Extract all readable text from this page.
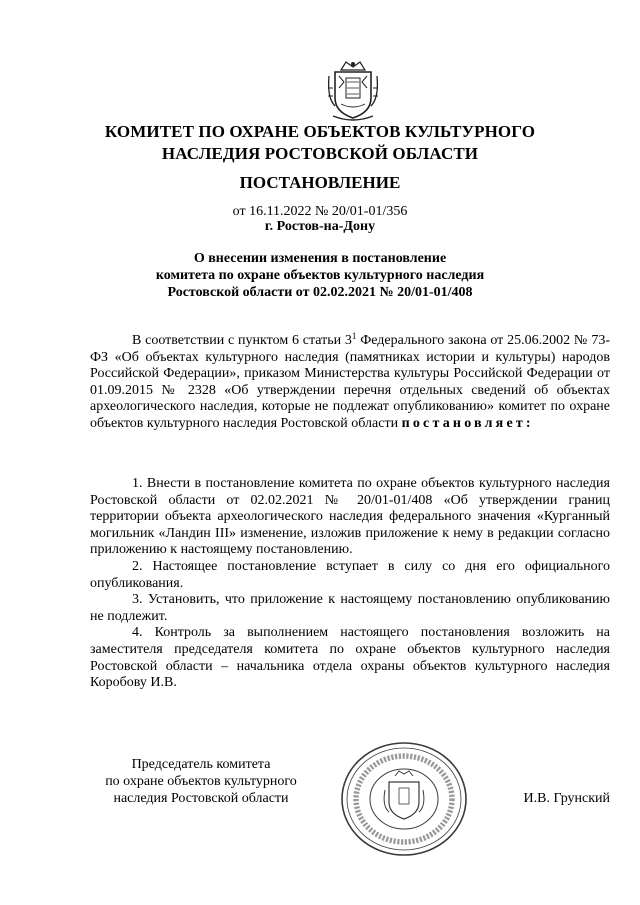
КОМИТЕТ ПО ОХРАНЕ ОБЪЕКТОВ КУЛЬТУРНОГО
НАСЛЕДИЯ РОСТОВСКОЙ ОБЛАСТИ
ПОСТАНОВЛЕНИЕ
от 16.11.2022 № 20/01-01/356
г. Ростов-на-Дону
О внесении изменения в постановление
комитета по охране объектов культурного наследия
Ростовской области от 02.02.2021 № 20/01-01/408
В соответствии с пунктом 6 статьи $3^1$ Федерального закона от 25.06.2002 № 73-ФЗ «Об объектах культурного наследия (памятниках истории и культуры) народов Российской Федерации», приказом Министерства культуры Российской Федерации от 01.09.2015 № 2328 «Об утверждении перечня отдельных сведений об объектах археологического наследия, которые не подлежат опубликованию» комитет по охране объектов культурного наследия Ростовской области постановляет:

1. Внести в постановление комитета по охране объектов культурного наследия Ростовской области от 02.02.2021 № 20/01-01/408 «Об утверждении границ территории объекта археологического наследия федерального значения «Курганный могильник «Ландин III» изменение, изложив приложение к нему в редакции согласно приложению к настоящему постановлению.

2. Настоящее постановление вступает в силу со дня его официального опубликования.

3. Установить, что приложение к настоящему постановлению опубликованию не подлежит.

4. Контроль за выполнением настоящего постановления возложить на заместителя председателя комитета по охране объектов культурного наследия Ростовской области – начальника отдела охраны объектов культурного наследия Коробову И.В.

Председатель комитета
по охране объектов культурного
наследия Ростовской области	И.В. Грунский
